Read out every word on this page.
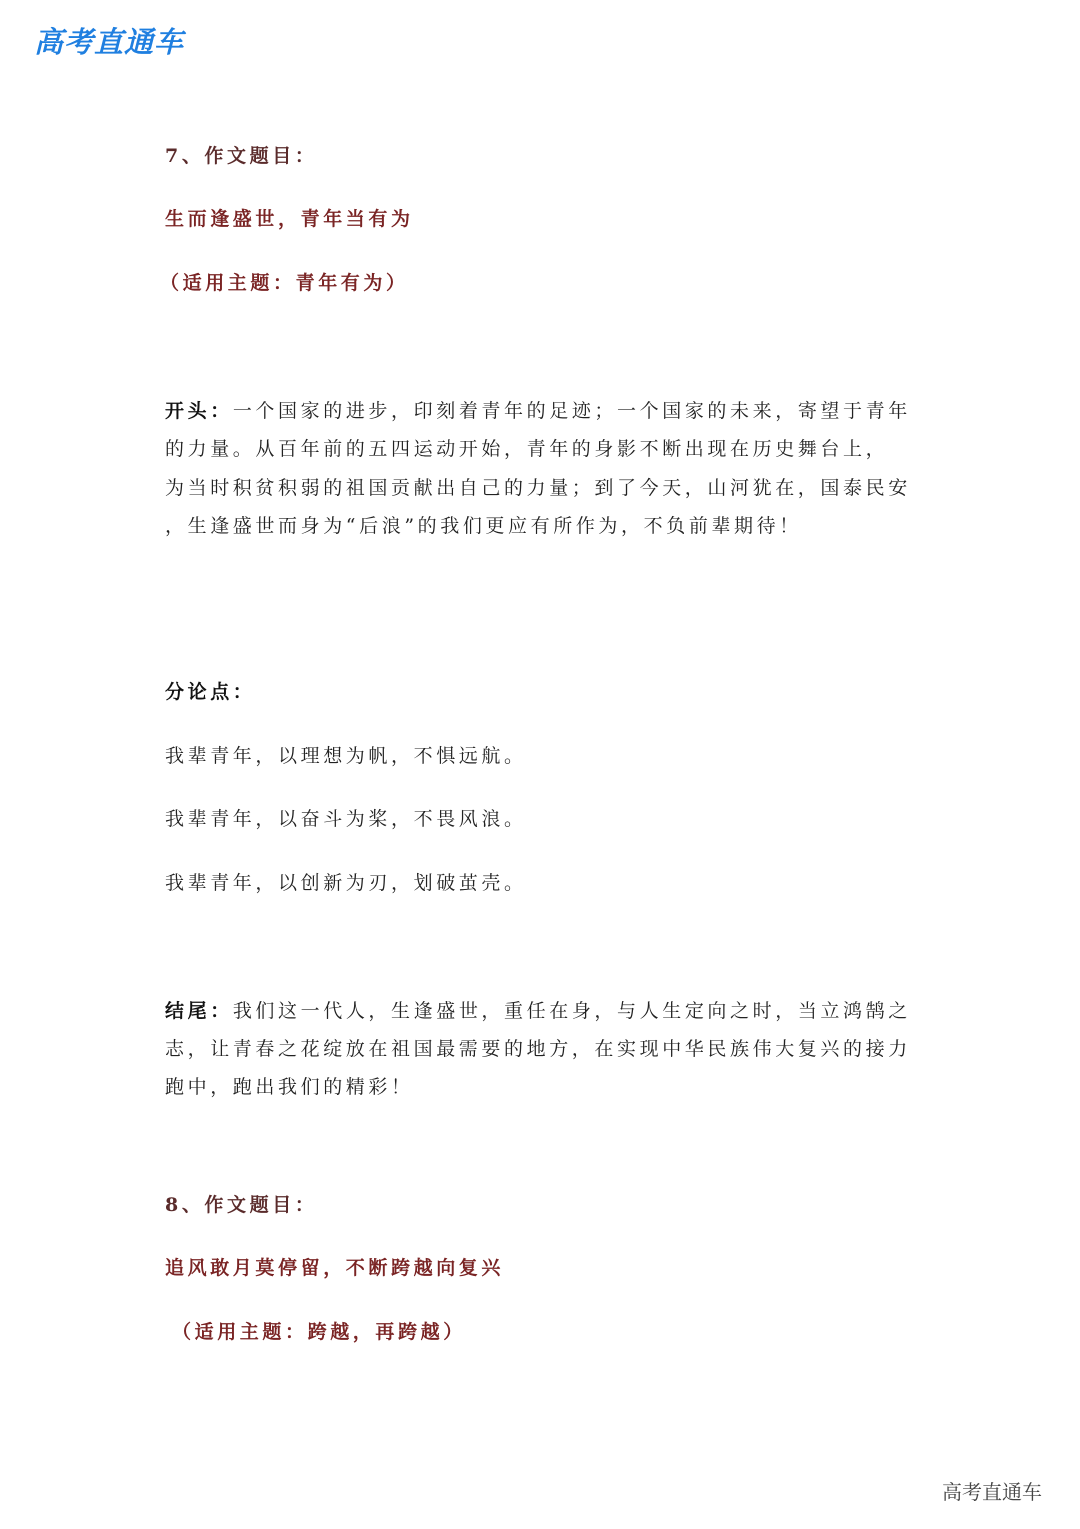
高考直通车
7、作文题目：
生而逢盛世，青年当有为
（适用主题：青年有为）
开头：一个国家的进步，印刻着青年的足迹；一个国家的未来，寄望于青年
的力量。从百年前的五四运动开始，青年的身影不断出现在历史舞台上，
为当时积贫积弱的祖国贡献出自己的力量；到了今天，山河犹在，国泰民安
，生逢盛世而身为“后浪”的我们更应有所作为，不负前辈期待！
分论点：
我辈青年，以理想为帆，不惧远航。
我辈青年，以奋斗为桨，不畏风浪。
我辈青年，以创新为刃，划破茧壳。
结尾：我们这一代人，生逢盛世，重任在身，与人生定向之时，当立鸿鹄之
志，让青春之花绽放在祖国最需要的地方，在实现中华民族伟大复兴的接力
跑中，跑出我们的精彩！
8、作文题目：
追风敢月莫停留，不断跨越向复兴
（适用主题：跨越，再跨越）
高考直通车
